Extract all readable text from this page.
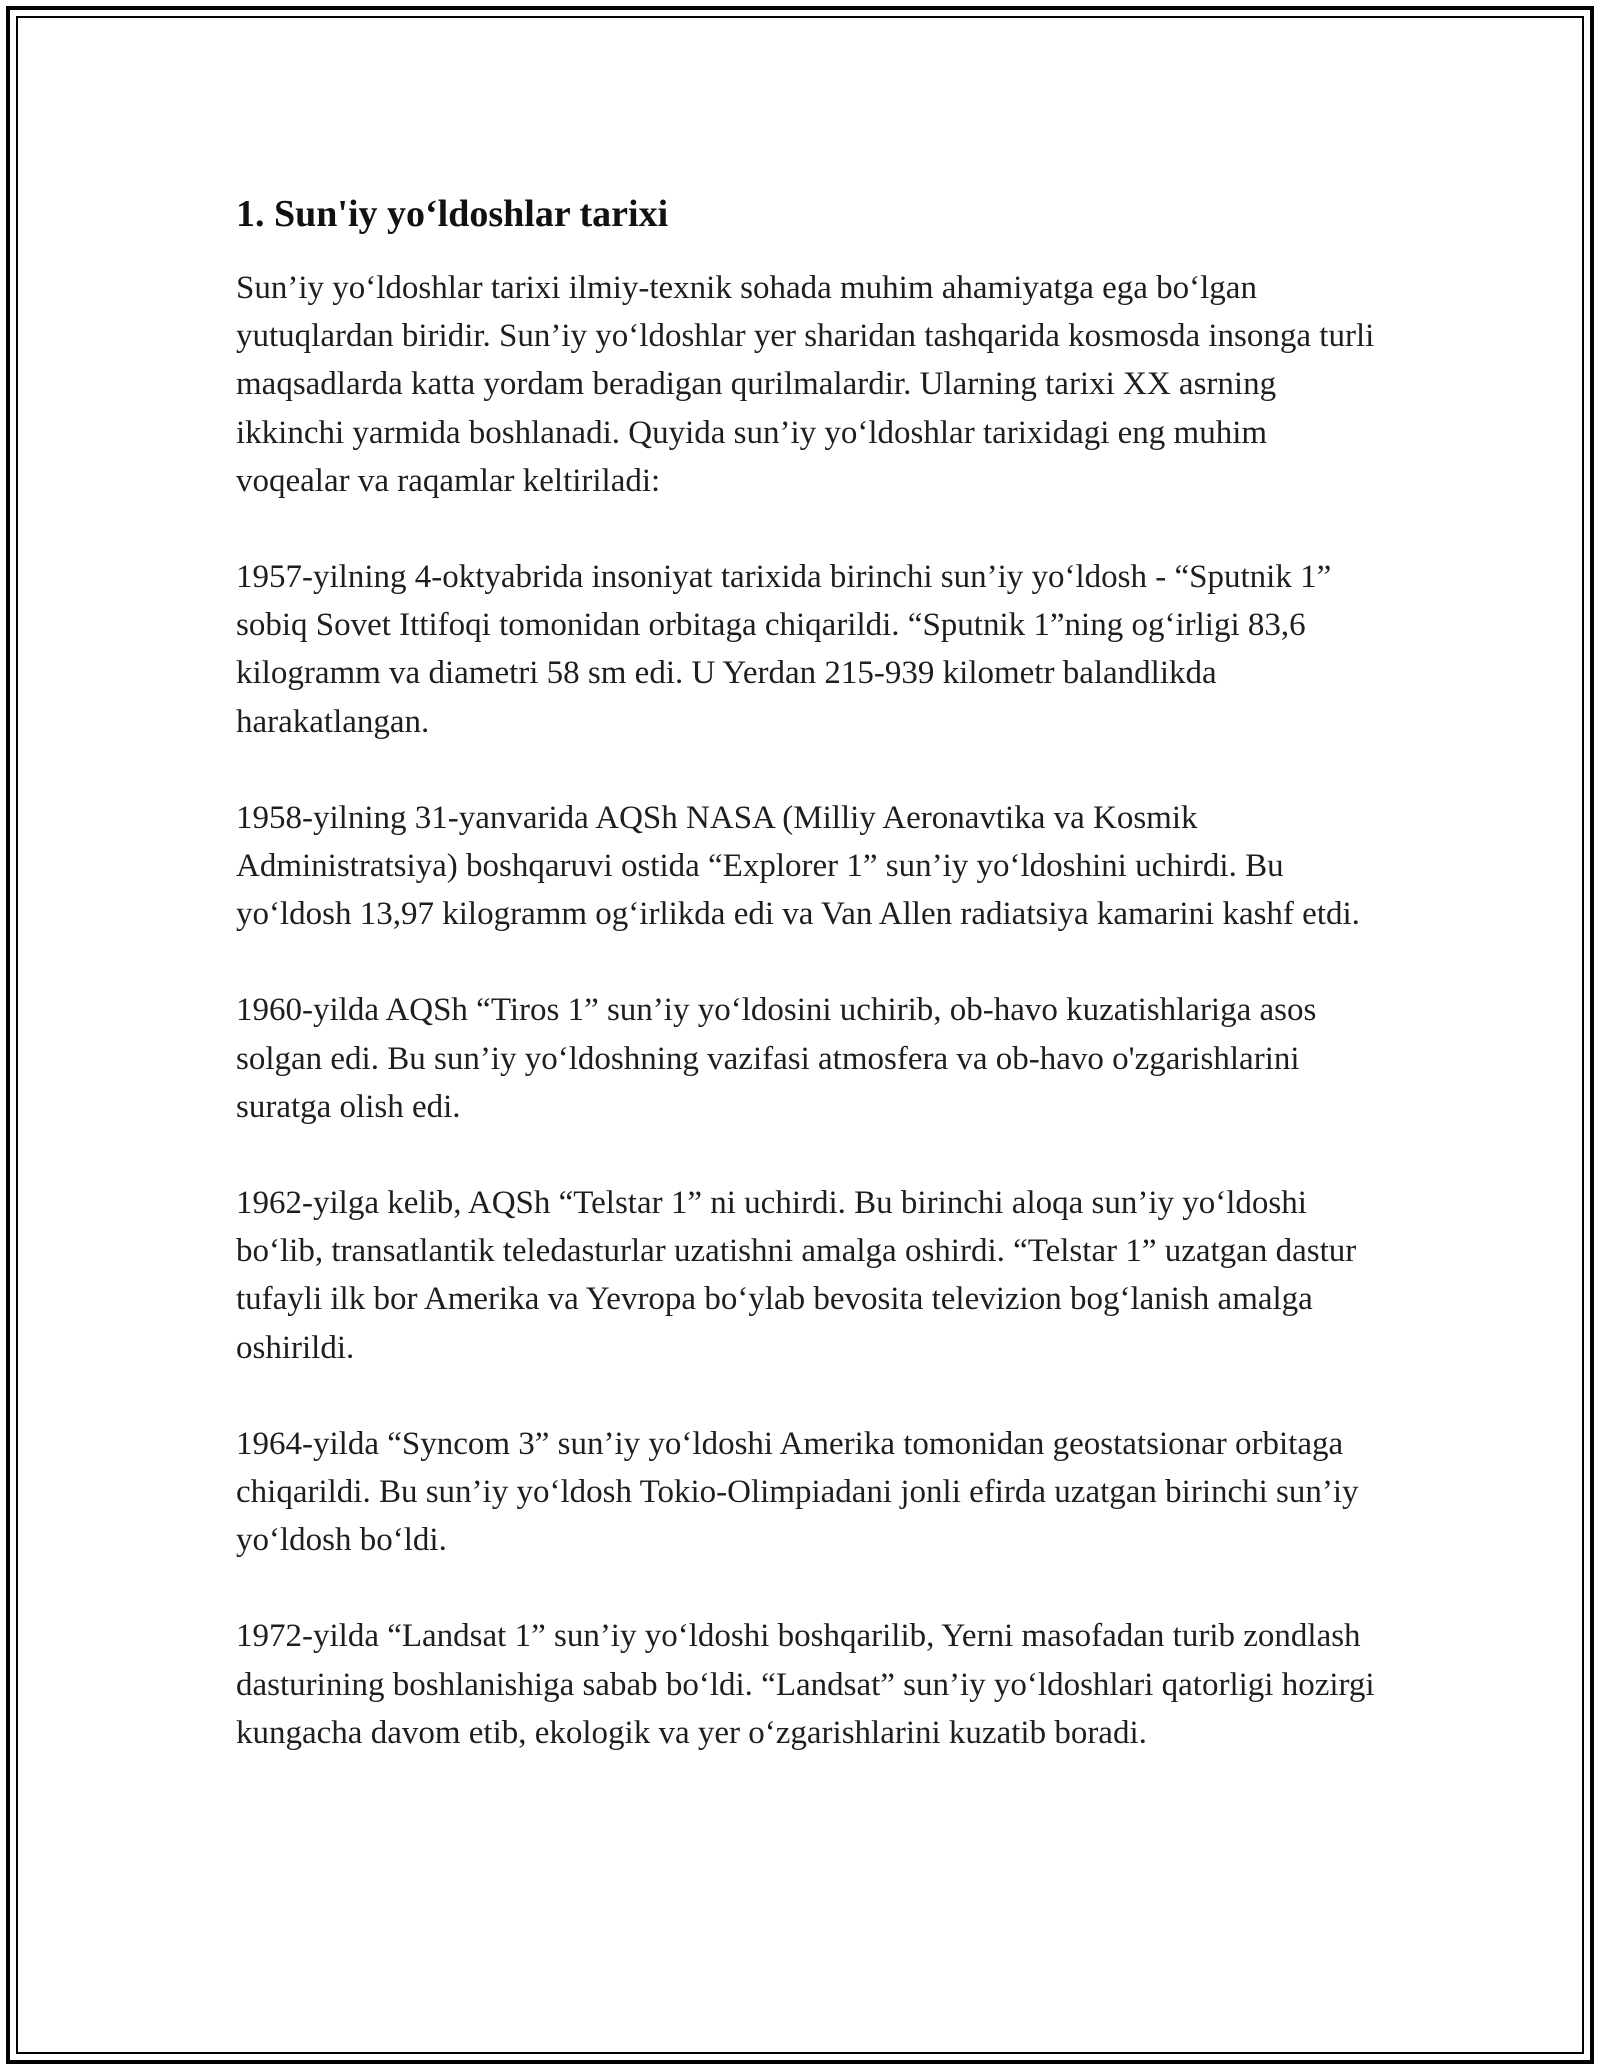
1. Sun'iy yo‘ldoshlar tarixi

Sun’iy yo‘ldoshlar tarixi ilmiy-texnik sohada muhim ahamiyatga ega bo‘lgan yutuqlardan biridir. Sun’iy yo‘ldoshlar yer sharidan tashqarida kosmosda insonga turli maqsadlarda katta yordam beradigan qurilmalardir. Ularning tarixi XX asrning ikkinchi yarmida boshlanadi. Quyida sun’iy yo‘ldoshlar tarixidagi eng muhim voqealar va raqamlar keltiriladi:

1957-yilning 4-oktyabrida insoniyat tarixida birinchi sun’iy yo‘ldosh - “Sputnik 1” sobiq Sovet Ittifoqi tomonidan orbitaga chiqarildi. “Sputnik 1”ning og‘irligi 83,6 kilogramm va diametri 58 sm edi. U Yerdan 215-939 kilometr balandlikda harakatlangan.

1958-yilning 31-yanvarida AQSh NASA (Milliy Aeronavtika va Kosmik Administratsiya) boshqaruvi ostida “Explorer 1” sun’iy yo‘ldoshini uchirdi. Bu yo‘ldosh 13,97 kilogramm og‘irlikda edi va Van Allen radiatsiya kamarini kashf etdi.

1960-yilda AQSh “Tiros 1” sun’iy yo‘ldosini uchirib, ob-havo kuzatishlariga asos solgan edi. Bu sun’iy yo‘ldoshning vazifasi atmosfera va ob-havo o'zgarishlarini suratga olish edi.

1962-yilga kelib, AQSh “Telstar 1” ni uchirdi. Bu birinchi aloqa sun’iy yo‘ldoshi bo‘lib, transatlantik teledasturlar uzatishni amalga oshirdi. “Telstar 1” uzatgan dastur tufayli ilk bor Amerika va Yevropa bo‘ylab bevosita televizion bog‘lanish amalga oshirildi.

1964-yilda “Syncom 3” sun’iy yo‘ldoshi Amerika tomonidan geostatsionar orbitaga chiqarildi. Bu sun’iy yo‘ldosh Tokio-Olimpiadani jonli efirda uzatgan birinchi sun’iy yo‘ldosh bo‘ldi.

1972-yilda “Landsat 1” sun’iy yo‘ldoshi boshqarilib, Yerni masofadan turib zondlash dasturining boshlanishiga sabab bo‘ldi. “Landsat” sun’iy yo‘ldoshlari qatorligi hozirgi kungacha davom etib, ekologik va yer o‘zgarishlarini kuzatib boradi.
